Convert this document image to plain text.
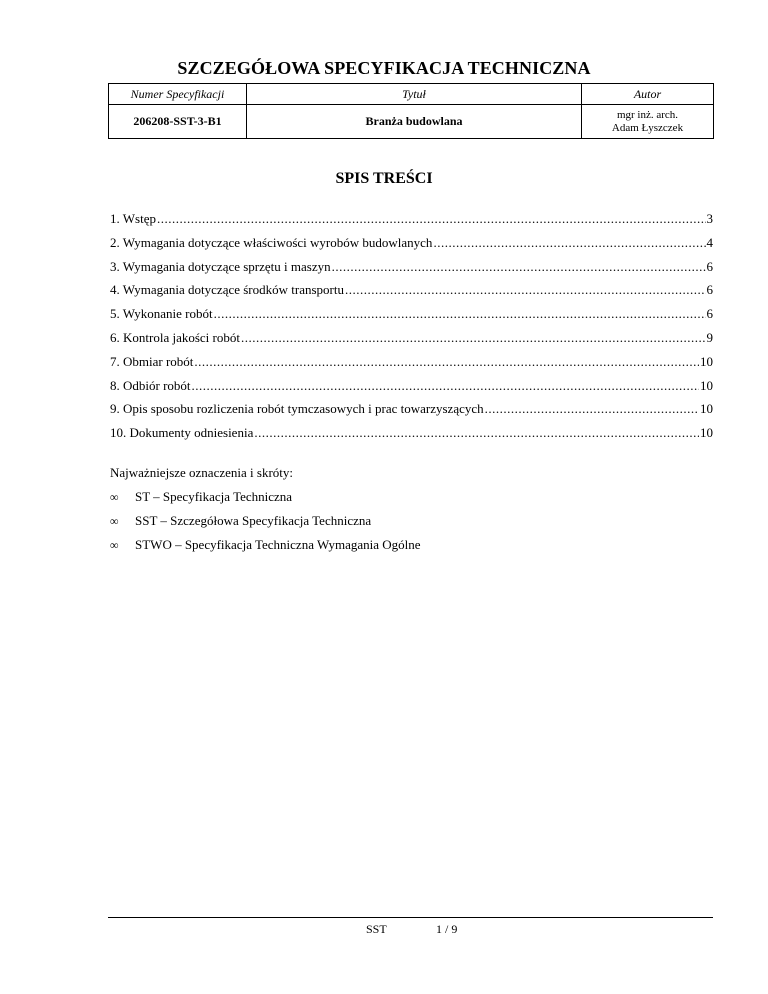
SZCZEGÓŁOWA SPECYFIKACJA TECHNICZNA
Numer Specyfikacji	Tytuł	Autor
206208-SST-3-B1	Branża budowlana	mgr inż. arch.
Adam Łyszczek
SPIS TREŚCI
1. Wstęp .....	3
2. Wymagania dotyczące właściwości wyrobów budowlanych .....	4
3. Wymagania dotyczące sprzętu i maszyn .....	6
4. Wymagania dotyczące środków transportu .....	6
5. Wykonanie robót .....	6
6. Kontrola jakości robót .....	9
7. Obmiar robót .....	10
8. Odbiór robót .....	10
9. Opis sposobu rozliczenia robót tymczasowych i prac towarzyszących .....	10
10. Dokumenty odniesienia .....	10
Najważniejsze oznaczenia i skróty:
∞	ST – Specyfikacja Techniczna
∞	SST – Szczegółowa Specyfikacja Techniczna
∞	STWO – Specyfikacja Techniczna Wymagania Ogólne
SST	1 / 9
